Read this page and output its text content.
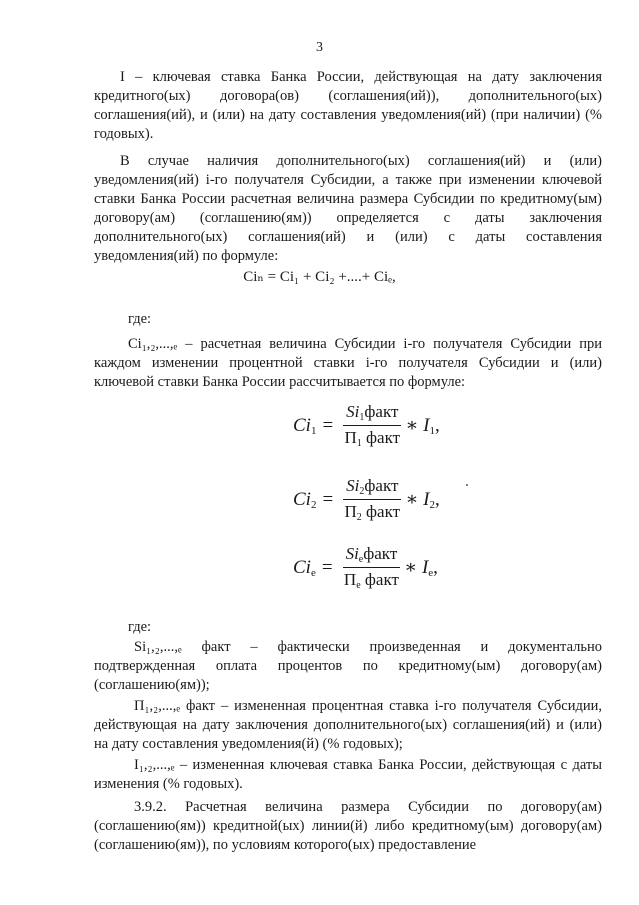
3
I – ключевая ставка Банка России, действующая на дату заключения кредитного(ых) договора(ов) (соглашения(ий)), дополнительного(ых) соглашения(ий), и (или) на дату составления уведомления(ий) (при наличии) (% годовых).
В случае наличия дополнительного(ых) соглашения(ий) и (или) уведомления(ий) i-го получателя Субсидии, а также при изменении ключевой ставки Банка России расчетная величина размера Субсидии по кредитному(ым) договору(ам) (соглашению(ям)) определяется с даты заключения дополнительного(ых) соглашения(ий) и (или) с даты составления уведомления(ий) по формуле:
Ciₙ = Ci₁ + Ci₂ +....+ Ciₑ,
где:
Ci₁,₂,...,ₑ – расчетная величина Субсидии i-го получателя Субсидии при каждом изменении процентной ставки i-го получателя Субсидии и (или) ключевой ставки Банка России рассчитывается по формуле:
$Ci_1 = \frac{Si_1факт}{П_1 факт}$ ∗ $I_1$,
$Ci_2 = \frac{Si_2факт}{П_2 факт}$ ∗ $I_2$,
$Ci_е = \frac{Si_ефакт}{П_е факт}$ ∗ $I_е$,
где:
Si₁,₂,...,ₑ факт – фактически произведенная и документально подтвержденная оплата процентов по кредитному(ым) договору(ам) (соглашению(ям));
П₁,₂,...,ₑ факт – измененная процентная ставка i-го получателя Субсидии, действующая на дату заключения дополнительного(ых) соглашения(ий) и (или) на дату составления уведомления(й) (% годовых);
I₁,₂,...,ₑ – измененная ключевая ставка Банка России, действующая с даты изменения (% годовых).
3.9.2. Расчетная величина размера Субсидии по договору(ам) (соглашению(ям)) кредитной(ых) линии(й) либо кредитному(ым) договору(ам) (соглашению(ям)), по условиям которого(ых) предоставление
